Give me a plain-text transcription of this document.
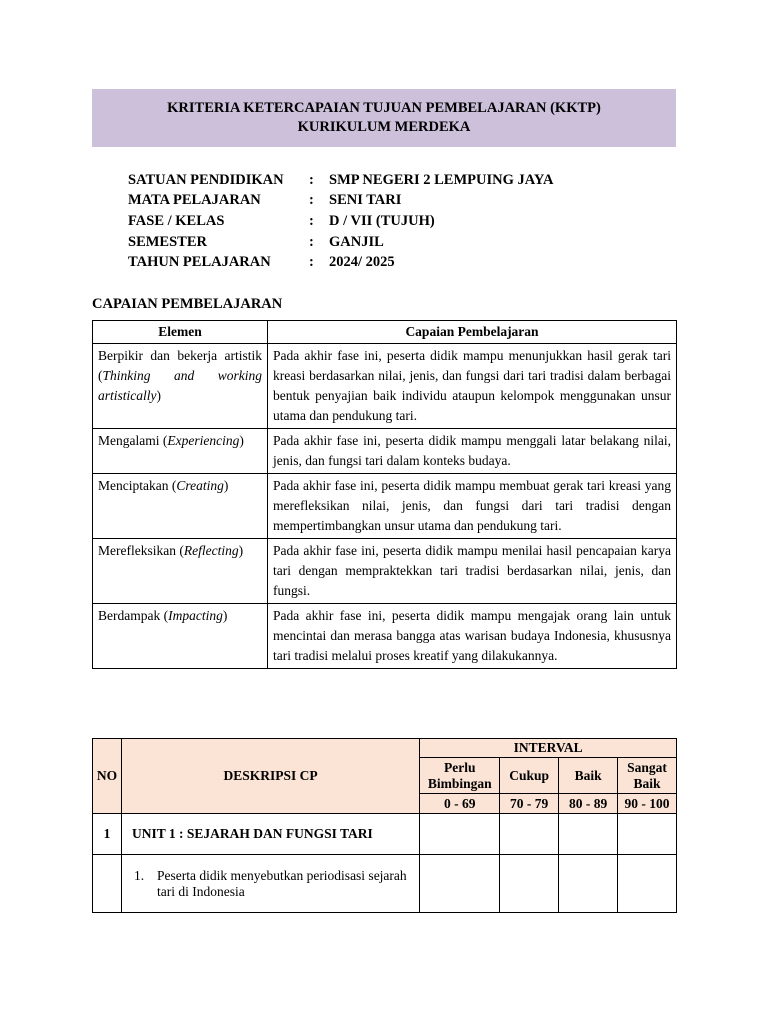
KRITERIA KETERCAPAIAN TUJUAN PEMBELAJARAN (KKTP)
KURIKULUM MERDEKA
SATUAN PENDIDIKAN	:	SMP NEGERI 2 LEMPUING JAYA
MATA PELAJARAN	:	SENI TARI
FASE / KELAS	:	D / VII (TUJUH)
SEMESTER	:	GANJIL
TAHUN PELAJARAN	:	2024/ 2025
CAPAIAN PEMBELAJARAN
Elemen	Capaian Pembelajaran
Berpikir dan bekerja artistik (Thinking and working artistically)	Pada akhir fase ini, peserta didik mampu menunjukkan hasil gerak tari kreasi berdasarkan nilai, jenis, dan fungsi dari tari tradisi dalam berbagai bentuk penyajian baik individu ataupun kelompok menggunakan unsur utama dan pendukung tari.
Mengalami (Experiencing)	Pada akhir fase ini, peserta didik mampu menggali latar belakang nilai, jenis, dan fungsi tari dalam konteks budaya.
Menciptakan (Creating)	Pada akhir fase ini, peserta didik mampu membuat gerak tari kreasi yang merefleksikan nilai, jenis, dan fungsi dari tari tradisi dengan mempertimbangkan unsur utama dan pendukung tari.
Merefleksikan (Reflecting)	Pada akhir fase ini, peserta didik mampu menilai hasil pencapaian karya tari dengan mempraktekkan tari tradisi berdasarkan nilai, jenis, dan fungsi.
Berdampak (Impacting)	Pada akhir fase ini, peserta didik mampu mengajak orang lain untuk mencintai dan merasa bangga atas warisan budaya Indonesia, khususnya tari tradisi melalui proses kreatif yang dilakukannya.
NO	DESKRIPSI CP	INTERVAL			
		Perlu Bimbingan	Cukup	Baik	Sangat Baik
		0 - 69	70 - 79	80 - 89	90 - 100
1	UNIT 1 : SEJARAH DAN FUNGSI TARI				

	1. Peserta didik menyebutkan periodisasi sejarah tari di Indonesia				
